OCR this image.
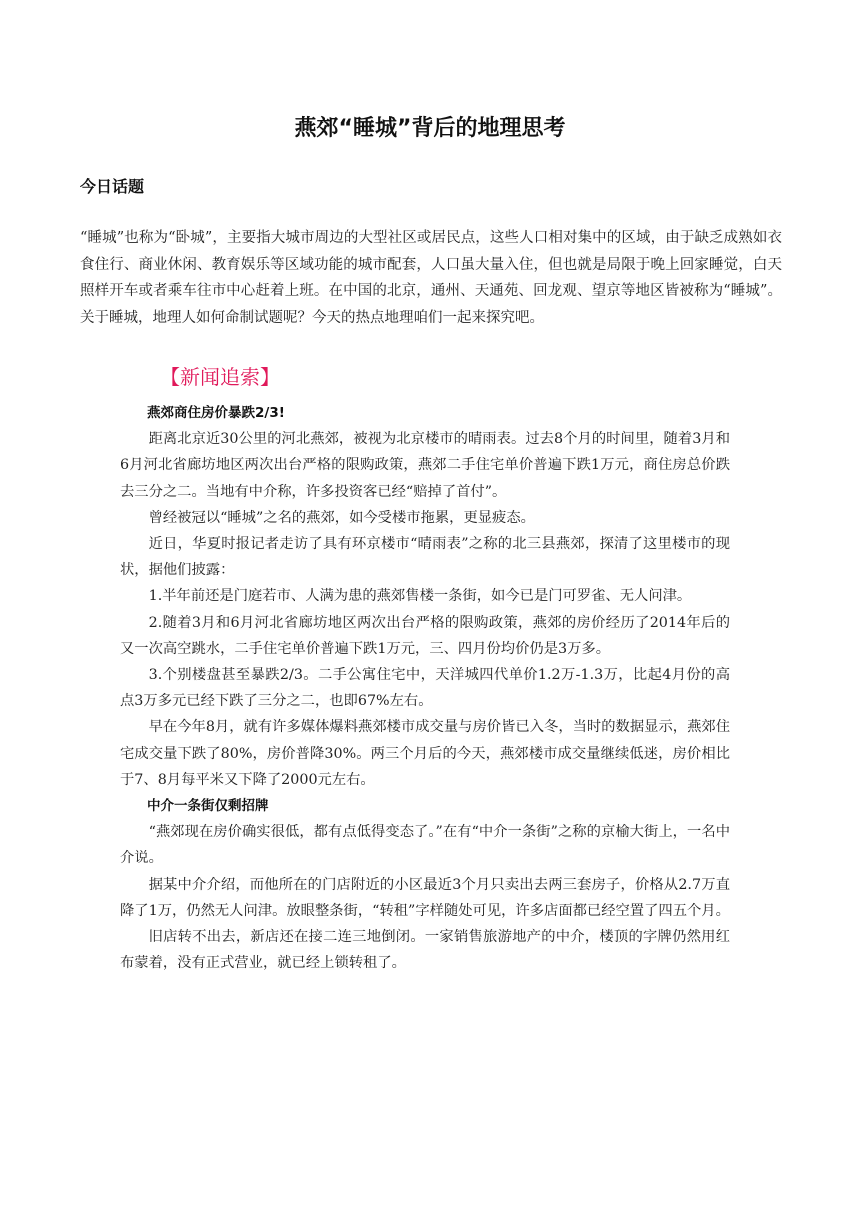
燕郊“睡城”背后的地理思考
今日话题

“睡城”也称为“卧城”，主要指大城市周边的大型社区或居民点，这些人口相对集中的区域，由于缺乏成熟如衣食住行、商业休闲、教育娱乐等区域功能的城市配套，人口虽大量入住，但也就是局限于晚上回家睡觉，白天照样开车或者乘车往市中心赶着上班。在中国的北京，通州、天通苑、回龙观、望京等地区皆被称为“睡城”。关于睡城，地理人如何命制试题呢？今天的热点地理咱们一起来探究吧。

【新闻追索】

燕郊商住房价暴跌2/3!

距离北京近30公里的河北燕郊，被视为北京楼市的晴雨表。过去8个月的时间里，随着3月和6月河北省廊坊地区两次出台严格的限购政策，燕郊二手住宅单价普遍下跌1万元，商住房总价跌去三分之二。当地有中介称，许多投资客已经“赔掉了首付”。

曾经被冠以“睡城”之名的燕郊，如今受楼市拖累，更显疲态。

近日，华夏时报记者走访了具有环京楼市“晴雨表”之称的北三县燕郊，探清了这里楼市的现状，据他们披露：

1.半年前还是门庭若市、人满为患的燕郊售楼一条街，如今已是门可罗雀、无人问津。

2.随着3月和6月河北省廊坊地区两次出台严格的限购政策，燕郊的房价经历了2014年后的又一次高空跳水，二手住宅单价普遍下跌1万元，三、四月份均价仍是3万多。

3.个别楼盘甚至暴跌2/3。二手公寓住宅中，天洋城四代单价1.2万-1.3万，比起4月份的高点3万多元已经下跌了三分之二，也即67%左右。

早在今年8月，就有许多媒体爆料燕郊楼市成交量与房价皆已入冬，当时的数据显示，燕郊住宅成交量下跌了80%，房价普降30%。两三个月后的今天，燕郊楼市成交量继续低迷，房价相比于7、8月每平米又下降了2000元左右。

中介一条街仅剩招牌

“燕郊现在房价确实很低，都有点低得变态了。”在有“中介一条街”之称的京榆大街上，一名中介说。

据某中介介绍，而他所在的门店附近的小区最近3个月只卖出去两三套房子，价格从2.7万直降了1万，仍然无人问津。放眼整条街，“转租”字样随处可见，许多店面都已经空置了四五个月。

旧店转不出去，新店还在接二连三地倒闭。一家销售旅游地产的中介，楼顶的字牌仍然用红布蒙着，没有正式营业，就已经上锁转租了。
